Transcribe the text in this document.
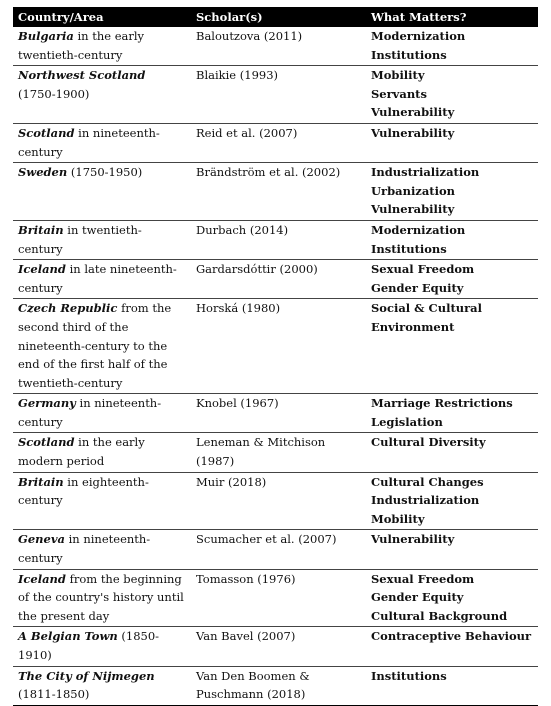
Country/Area	Scholar(s)	What Matters?
Bulgaria in the early twentieth-century	Baloutzova (2011)	Modernization
Institutions

Northwest Scotland (1750-1900)	Blaikie (1993)	Mobility
Servants
Vulnerability

Scotland in nineteenth-century	Reid et al. (2007)	Vulnerability

Sweden (1750-1950)	Brändström et al. (2002)	Industrialization
Urbanization
Vulnerability

Britain in twentieth-century	Durbach (2014)	Modernization
Institutions

Iceland in late nineteenth-century	Gardarsdóttir (2000)	Sexual Freedom
Gender Equity

Czech Republic from the second third of the nineteenth-century to the end of the first half of the twentieth-century	Horská (1980)	Social & Cultural Environment

Germany in nineteenth-century	Knobel (1967)	Marriage Restrictions
Legislation

Scotland in the early modern period	Leneman & Mitchison (1987)	Cultural Diversity

Britain in eighteenth-century	Muir (2018)	Cultural Changes
Industrialization
Mobility

Geneva in nineteenth-century	Scumacher et al. (2007)	Vulnerability

Iceland from the beginning of the country's history until the present day	Tomasson (1976)	Sexual Freedom
Gender Equity
Cultural Background

A Belgian Town (1850-1910)	Van Bavel (2007)	Contraceptive Behaviour

The City of Nijmegen (1811-1850)	Van Den Boomen & Puschmann (2018)	Institutions
